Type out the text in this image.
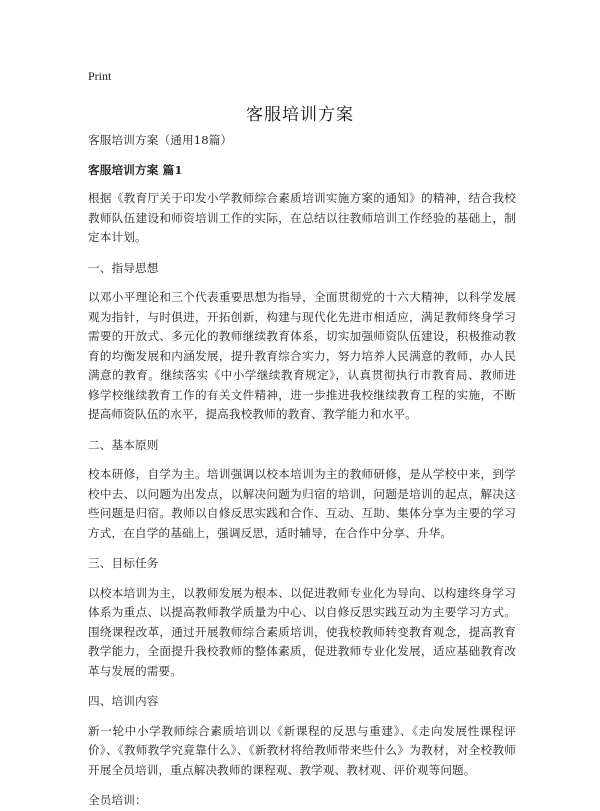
Print
客服培训方案

客服培训方案（通用18篇）

客服培训方案 篇1

根据《教育厅关于印发小学教师综合素质培训实施方案的通知》的精神，结合我校教师队伍建设和师资培训工作的实际，在总结以往教师培训工作经验的基础上，制定本计划。

一、指导思想

以邓小平理论和三个代表重要思想为指导，全面贯彻党的十六大精神，以科学发展观为指针，与时俱进，开拓创新，构建与现代化先进市相适应，满足教师终身学习需要的开放式、多元化的教师继续教育体系，切实加强师资队伍建设，积极推动教育的均衡发展和内涵发展，提升教育综合实力，努力培养人民满意的教师，办人民满意的教育。继续落实《中小学继续教育规定》，认真贯彻执行市教育局、教师进修学校继续教育工作的有关文件精神，进一步推进我校继续教育工程的实施，不断提高师资队伍的水平，提高我校教师的教育、教学能力和水平。

二、基本原则

校本研修，自学为主。培训强调以校本培训为主的教师研修，是从学校中来，到学校中去、以问题为出发点，以解决问题为归宿的培训，问题是培训的起点，解决这些问题是归宿。教师以自修反思实践和合作、互动、互助、集体分享为主要的学习方式，在自学的基础上，强调反思，适时辅导，在合作中分享、升华。

三、目标任务

以校本培训为主，以教师发展为根本、以促进教师专业化为导向、以构建终身学习体系为重点、以提高教师教学质量为中心、以自修反思实践互动为主要学习方式。围绕课程改革，通过开展教师综合素质培训，使我校教师转变教育观念，提高教育教学能力，全面提升我校教师的整体素质，促进教师专业化发展，适应基础教育改革与发展的需要。

四、培训内容

新一轮中小学教师综合素质培训以《新课程的反思与重建》、《走向发展性课程评价》、《教师教学究竟靠什么》、《新教材将给教师带来些什么》为教材，对全校教师开展全员培训，重点解决教师的课程观、教学观、教材观、评价观等问题。

全员培训：
